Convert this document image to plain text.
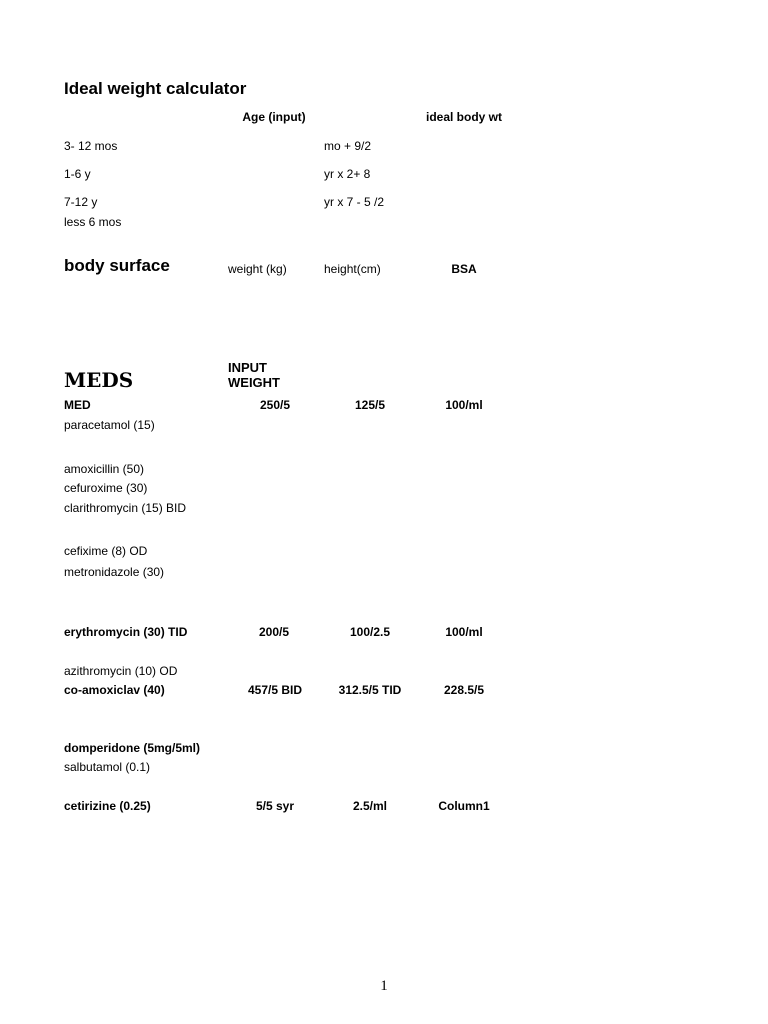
Ideal weight calculator
Age (input)	ideal body wt
3- 12 mos	mo + 9/2
1-6 y	yr x 2+ 8
7-12 y	yr x 7 - 5 /2
less 6 mos
body surface	weight (kg)	height(cm)	BSA
MEDS
INPUT
WEIGHT
MED	250/5	125/5	100/ml
paracetamol (15)
amoxicillin (50)
cefuroxime (30)
clarithromycin (15) BID
cefixime (8) OD
metronidazole (30)
erythromycin (30) TID	200/5	100/2.5	100/ml
azithromycin (10) OD
co-amoxiclav (40)	457/5 BID	312.5/5 TID	228.5/5
domperidone (5mg/5ml)
salbutamol (0.1)
cetirizine (0.25)	5/5 syr	2.5/ml	Column1
1
